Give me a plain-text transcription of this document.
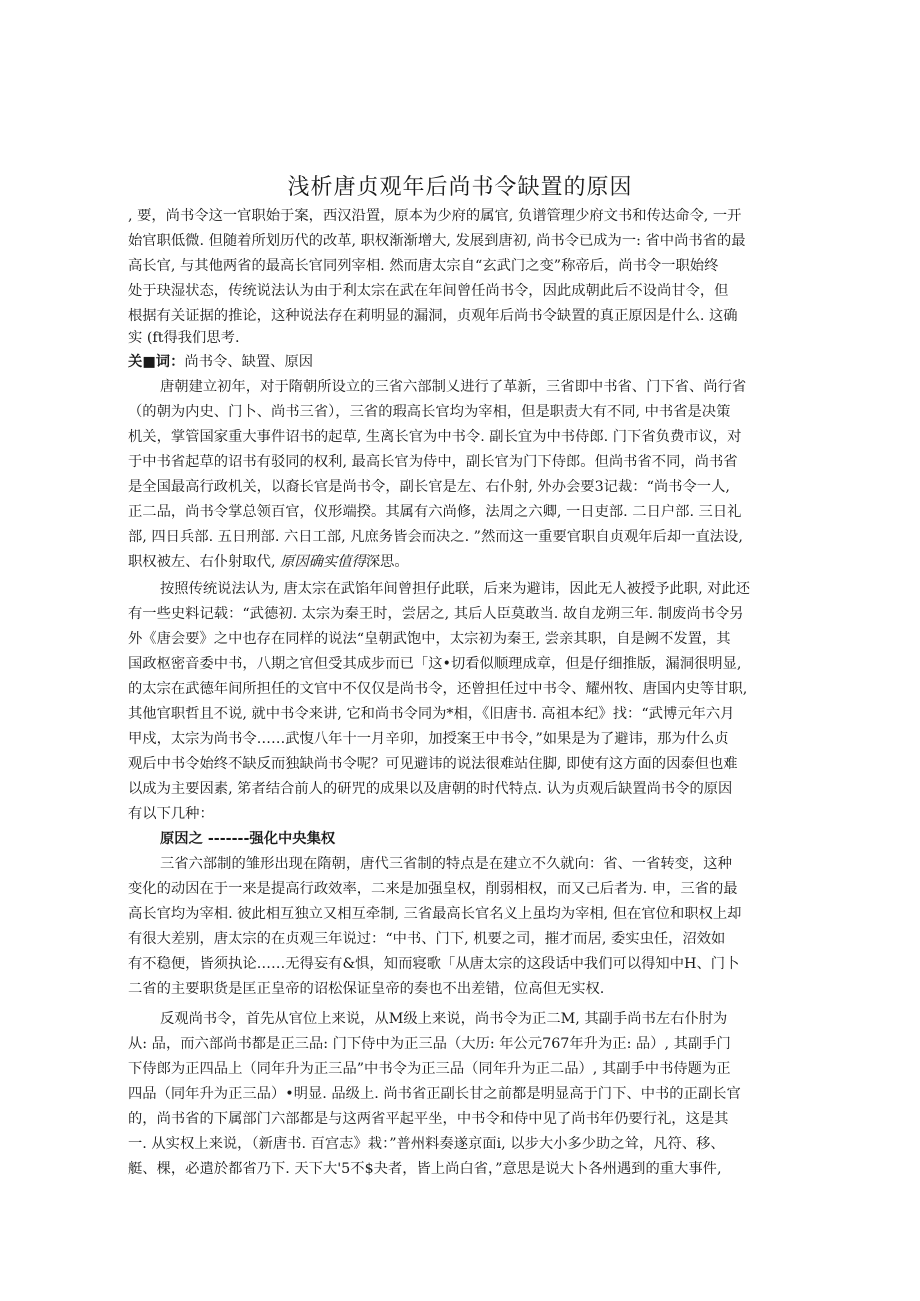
浅析唐贞观年后尚书令缺置的原因
, 要，尚书令这一官职始于案，西汉沿置，原本为少府的属官, 负谱管理少府文书和传达命令, 一开
始官职低微. 但随着所划历代的改革, 职权渐渐增大, 发展到唐初, 尚书令已成为一: 省中尚书省的最
高长官, 与其他两省的最高长官同列宰相. 然而唐太宗自“玄武门之变”称帝后，尚书令一职始终
处于玦湿状态，传统说法认为由于利太宗在武在年间曾任尚书令，因此成朝此后不设尚甘令，但
根据有关证据的推论，这种说法存在莉明显的漏洞，贞观年后尚书令缺置的真正原因是什么. 这确
实 (ft得我们思考.
关■词：尚书令、缺置、原因
唐朝建立初年，对于隋朝所设立的三省六部制乂进行了革新，三省即中书省、门下省、尚行省
（的朝为内史、门卜、尚书三省），三省的瑕高长官均为宰相，但是职责大有不同, 中书省是决策
机关，掌管国家重大事件诏书的起草, 生离长官为中书令. 副长宜为中书侍郎. 门下省负费市议，对
于中书省起草的诏书有驳同的权利, 最高长官为侍中，副长官为门下侍郎。但尚书省不同，尚书省
是全国最高行政机关，以裔长官是尚书令，副长官是左、右仆射, 外办会要3记裁：“尚书令一人,
正二品，尚书令掌总领百官，仪形端揆。其属有六尚修，法周之六卿, 一日吏部. 二日户部. 三日礼
部, 四日兵部. 五日刑部. 六日工部, 凡庶务皆会而决之. ”然而这一重要官职自贞观年后却一直法设,
职权被左、右仆射取代, 原因确实值得深思。
按照传统说法认为, 唐太宗在武馅年间曾担仔此联，后来为避讳，因此无人被授予此职, 对此还
有一些史料记载：“武德初. 太宗为秦王时，尝居之, 其后人臣莫敢当. 故自龙朔三年. 制废尚书令另
外《唐会要》之中也存在同样的说法“皇朝武饱中，太宗初为秦王, 尝亲其职，自是阙不发置，其
国政枢密音委中书，八期之官但受其成步而已「这•切看似顺理成章，但是仔细推版，漏洞很明显,
的太宗在武德年间所担任的文官中不仅仅是尚书令，还曾担任过中书令、耀州牧、唐国内史等甘职,
其他官职哲且不说, 就中书令来讲, 它和尚书令同为*相，《旧唐书. 高祖本纪》找：“武博元年六月
甲戍，太宗为尚书令……武愎八年十一月辛卯，加授案王中书令，”如果是为了避讳，那为什么贞
观后中书令始终不缺反而独缺尚书令呢？可见避讳的说法很难站住脚, 即使有这方面的因泰但也难
以成为主要因素, 笫者结合前人的研咒的成果以及唐朝的时代特点. 认为贞观后缺置尚书令的原因
有以下几种：
原因之 -------强化中央集权
三省六部制的雏形出现在隋朝，唐代三省制的特点是在建立不久就向：省、一省转变，这种
变化的动因在于一来是提高行政效率，二来是加强皇权，削弱相权，而又己后者为. 申，三省的最
高长官均为宰相. 彼此相互独立又相互牵制, 三省最高长官名义上虽均为宰相, 但在官位和职权上却
有很大差别，唐太宗的在贞观三年说过：“中书、门下, 机要之司，摧才而居, 委实虫任，沼效如
有不稳便，皆须执论……无得妄有&惧，知而寝歌「从唐太宗的这段话中我们可以得知中H、门卜
二省的主要职货是匡正皇帝的诏松保证皇帝的奏也不出差错，位高但无实权.
反观尚书令，首先从官位上来说，从M级上来说，尚书令为正二M, 其副手尚书左右仆肘为
从: 品，而六部尚书都是正三品: 门下侍中为正三品（大历: 年公元767年升为正: 品）, 其副手门
下侍郎为正四品上（同年升为正三品”中书令为正三品（同年升为正二品）, 其副手中书侍题为正
四品（同年升为正三品）•明显. 品级上. 尚书省正副长甘之前都是明显高于门下、中书的正副长官
的，尚书省的下属部门六部都是与这两省平起平坐，中书令和侍中见了尚书年仍要行礼，这是其
一. 从实权上来说，（新唐书. 百宫志》栽：”普州料奏遂京面i, 以步大小多少助之耸，凡符、移、
艇、棵，必遣於都省乃下. 天下大'5不$夬者，皆上尚白省，”意思是说大卜各州遇到的重大事件,
